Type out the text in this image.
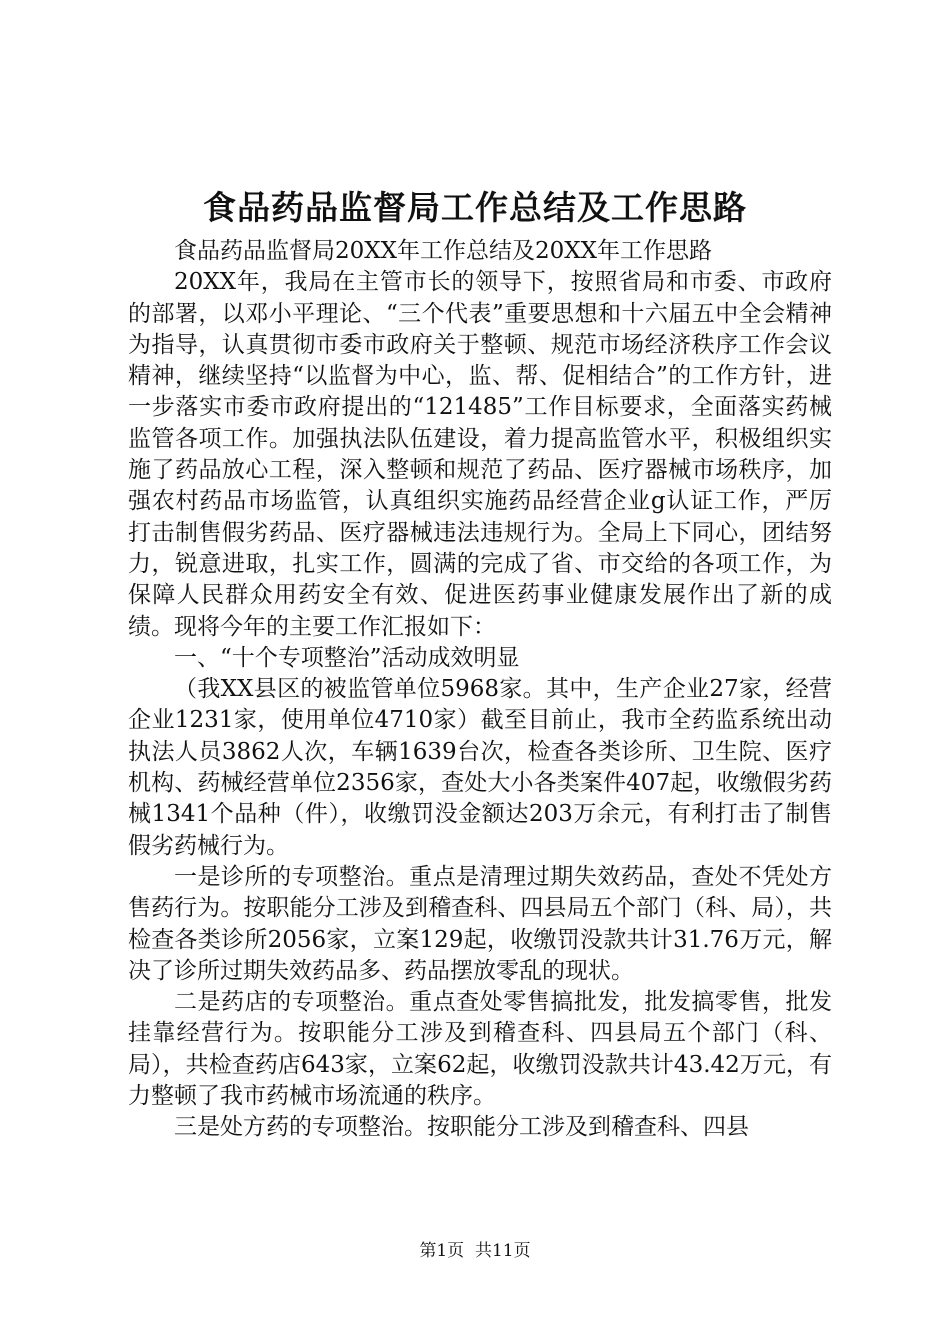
食品药品监督局工作总结及工作思路

食品药品监督局20XX年工作总结及20XX年工作思路

20XX年，我局在主管市长的领导下，按照省局和市委、市政府的部署，以邓小平理论、“三个代表”重要思想和十六届五中全会精神为指导，认真贯彻市委市政府关于整顿、规范市场经济秩序工作会议精神，继续坚持“以监督为中心，监、帮、促相结合”的工作方针，进一步落实市委市政府提出的“121485”工作目标要求，全面落实药械监管各项工作。加强执法队伍建设，着力提高监管水平，积极组织实施了药品放心工程，深入整顿和规范了药品、医疗器械市场秩序，加强农村药品市场监管，认真组织实施药品经营企业g认证工作，严厉打击制售假劣药品、医疗器械违法违规行为。全局上下同心，团结努力，锐意进取，扎实工作，圆满的完成了省、市交给的各项工作，为保障人民群众用药安全有效、促进医药事业健康发展作出了新的成绩。现将今年的主要工作汇报如下：

一、“十个专项整治”活动成效明显

（我XX县区的被监管单位5968家。其中，生产企业27家，经营企业1231家，使用单位4710家）截至目前止，我市全药监系统出动执法人员3862人次，车辆1639台次，检查各类诊所、卫生院、医疗机构、药械经营单位2356家，查处大小各类案件407起，收缴假劣药械1341个品种（件），收缴罚没金额达203万余元，有利打击了制售假劣药械行为。

一是诊所的专项整治。重点是清理过期失效药品，查处不凭处方售药行为。按职能分工涉及到稽查科、四县局五个部门（科、局），共检查各类诊所2056家，立案129起，收缴罚没款共计31.76万元，解决了诊所过期失效药品多、药品摆放零乱的现状。

二是药店的专项整治。重点查处零售搞批发，批发搞零售，批发挂靠经营行为。按职能分工涉及到稽查科、四县局五个部门（科、局），共检查药店643家，立案62起，收缴罚没款共计43.42万元，有力整顿了我市药械市场流通的秩序。

三是处方药的专项整治。按职能分工涉及到稽查科、四县

第1页  共11页
